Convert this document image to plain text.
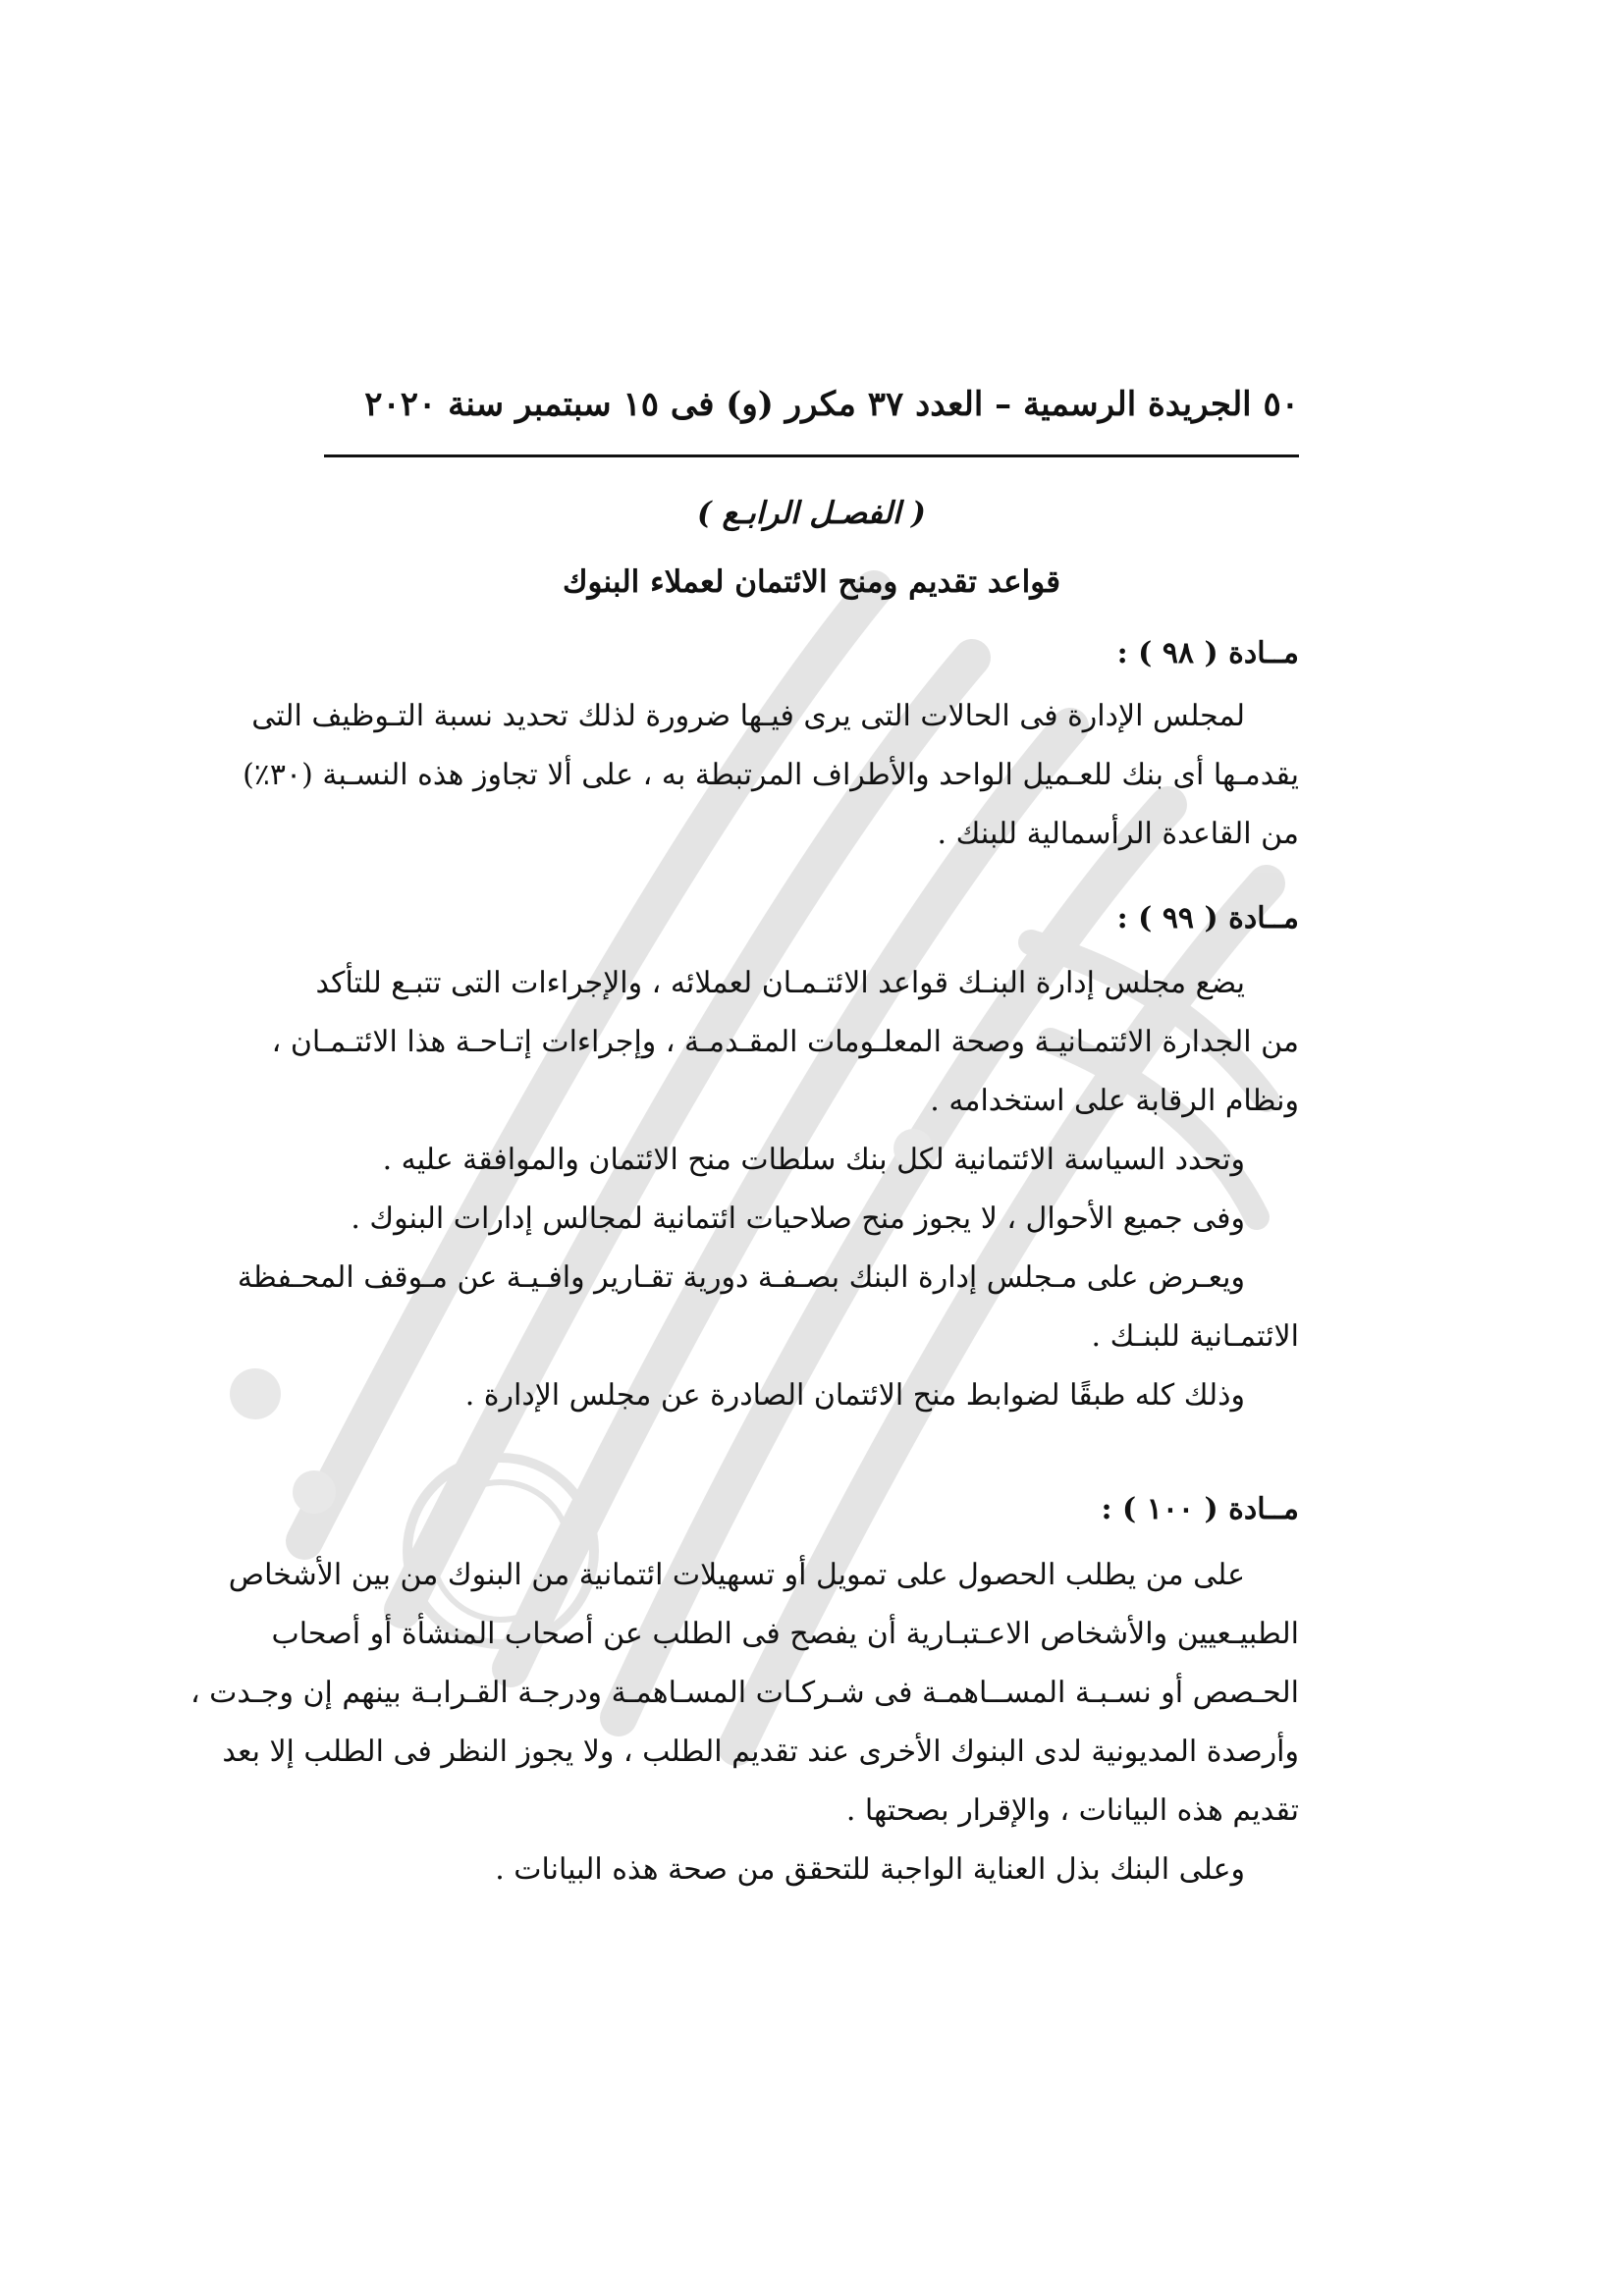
٥٠ الجريدة الرسمية – العدد ٣٧ مكرر (و) فى ١٥ سبتمبر سنة ٢٠٢٠
( الفصـل الرابـع )
قواعد تقديم ومنح الائتمان لعملاء البنوك
مــادة ( ٩٨ ) :
لمجلس الإدارة فى الحالات التى يرى فيـها ضرورة لذلك تحديد نسبة التـوظيف التى
يقدمـها أى بنك للعـميل الواحد والأطراف المرتبطة به ، على ألا تجاوز هذه النسـبة (٣٠٪)
من القاعدة الرأسمالية للبنك .
مــادة ( ٩٩ ) :
يضع مجلس إدارة البنـك قواعد الائتـمـان لعملائه ، والإجراءات التى تتبـع للتأكد
من الجدارة الائتمـانيـة وصحة المعلـومات المقـدمـة ، وإجراءات إتـاحـة هذا الائتـمـان ،
ونظام الرقابة على استخدامه .
وتحدد السياسة الائتمانية لكل بنك سلطات منح الائتمان والموافقة عليه .
وفى جميع الأحوال ، لا يجوز منح صلاحيات ائتمانية لمجالس إدارات البنوك .
ويعـرض على مـجلس إدارة البنك بصـفـة دورية تقـارير وافـيـة عن مـوقف المحـفظة
الائتمـانية للبنـك .
وذلك كله طبقًا لضوابط منح الائتمان الصادرة عن مجلس الإدارة .
مــادة ( ١٠٠ ) :
على من يطلب الحصول على تمويل أو تسهيلات ائتمانية من البنوك من بين الأشخاص
الطبيـعيين والأشخاص الاعـتبـارية أن يفصح فى الطلب عن أصحاب المنشأة أو أصحاب
الحـصص أو نسـبـة المســاهمـة فى شـركـات المسـاهمـة ودرجـة القـرابـة بينهم إن وجـدت ،
وأرصدة المديونية لدى البنوك الأخرى عند تقديم الطلب ، ولا يجوز النظر فى الطلب إلا بعد
تقديم هذه البيانات ، والإقرار بصحتها .
وعلى البنك بذل العناية الواجبة للتحقق من صحة هذه البيانات .
